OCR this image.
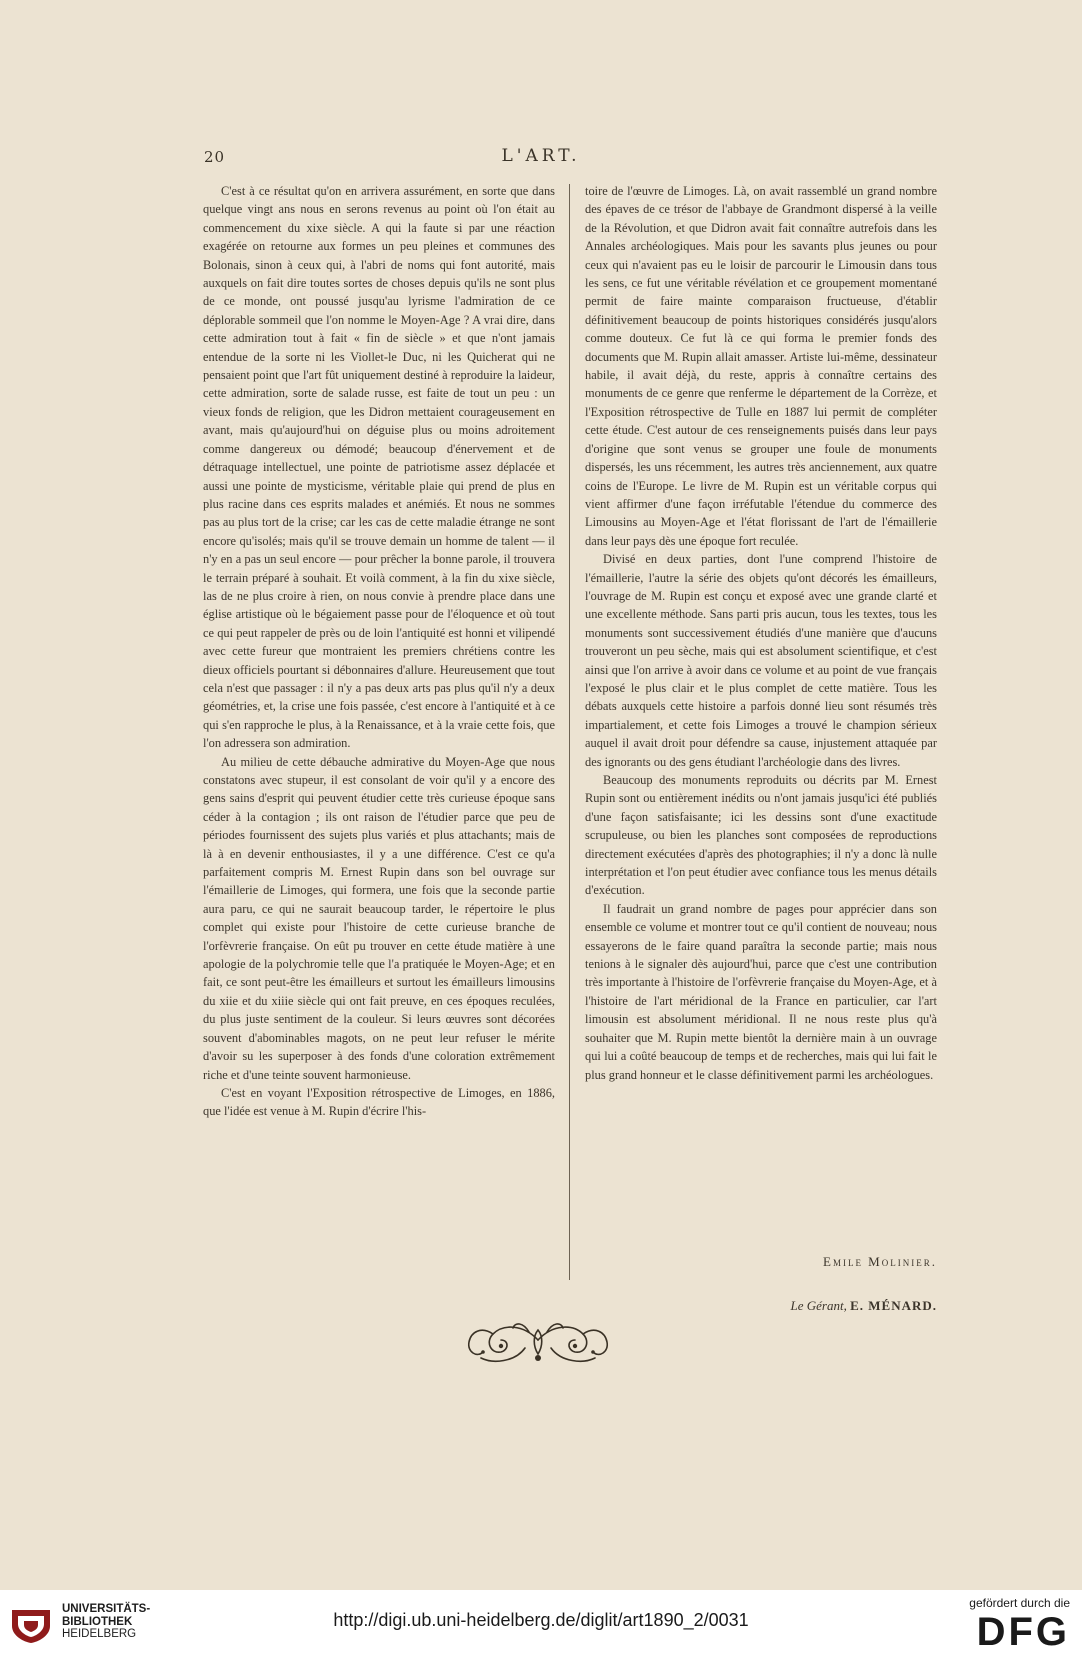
20	L'ART.

C'est à ce résultat qu'on en arrivera assurément, en sorte que dans quelque vingt ans nous en serons revenus au point où l'on était au commencement du xixe siècle. A qui la faute si par une réaction exagérée on retourne aux formes un peu pleines et communes des Bolonais, sinon à ceux qui, à l'abri de noms qui font autorité, mais auxquels on fait dire toutes sortes de choses depuis qu'ils ne sont plus de ce monde, ont poussé jusqu'au lyrisme l'admiration de ce déplorable sommeil que l'on nomme le Moyen-Age ? A vrai dire, dans cette admiration tout à fait « fin de siècle » et que n'ont jamais entendue de la sorte ni les Viollet-le Duc, ni les Quicherat qui ne pensaient point que l'art fût uniquement destiné à reproduire la laideur, cette admiration, sorte de salade russe, est faite de tout un peu : un vieux fonds de religion, que les Didron mettaient courageusement en avant, mais qu'aujourd'hui on déguise plus ou moins adroitement comme dangereux ou démodé; beaucoup d'énervement et de détraquage intellectuel, une pointe de patriotisme assez déplacée et aussi une pointe de mysticisme, véritable plaie qui prend de plus en plus racine dans ces esprits malades et anémiés. Et nous ne sommes pas au plus tort de la crise; car les cas de cette maladie étrange ne sont encore qu'isolés; mais qu'il se trouve demain un homme de talent — il n'y en a pas un seul encore — pour prêcher la bonne parole, il trouvera le terrain préparé à souhait. Et voilà comment, à la fin du xixe siècle, las de ne plus croire à rien, on nous convie à prendre place dans une église artistique où le bégaiement passe pour de l'éloquence et où tout ce qui peut rappeler de près ou de loin l'antiquité est honni et vilipendé avec cette fureur que montraient les premiers chrétiens contre les dieux officiels pourtant si débonnaires d'allure. Heureusement que tout cela n'est que passager : il n'y a pas deux arts pas plus qu'il n'y a deux géométries, et, la crise une fois passée, c'est encore à l'antiquité et à ce qui s'en rapproche le plus, à la Renaissance, et à la vraie cette fois, que l'on adressera son admiration.

Au milieu de cette débauche admirative du Moyen-Age que nous constatons avec stupeur, il est consolant de voir qu'il y a encore des gens sains d'esprit qui peuvent étudier cette très curieuse époque sans céder à la contagion ; ils ont raison de l'étudier parce que peu de périodes fournissent des sujets plus variés et plus attachants; mais de là à en devenir enthousiastes, il y a une différence. C'est ce qu'a parfaitement compris M. Ernest Rupin dans son bel ouvrage sur l'émaillerie de Limoges, qui formera, une fois que la seconde partie aura paru, ce qui ne saurait beaucoup tarder, le répertoire le plus complet qui existe pour l'histoire de cette curieuse branche de l'orfèvrerie française. On eût pu trouver en cette étude matière à une apologie de la polychromie telle que l'a pratiquée le Moyen-Age; et en fait, ce sont peut-être les émailleurs et surtout les émailleurs limousins du xiie et du xiiie siècle qui ont fait preuve, en ces époques reculées, du plus juste sentiment de la couleur. Si leurs œuvres sont décorées souvent d'abominables magots, on ne peut leur refuser le mérite d'avoir su les superposer à des fonds d'une coloration extrêmement riche et d'une teinte souvent harmonieuse.

C'est en voyant l'Exposition rétrospective de Limoges, en 1886, que l'idée est venue à M. Rupin d'écrire l'his-

toire de l'œuvre de Limoges. Là, on avait rassemblé un grand nombre des épaves de ce trésor de l'abbaye de Grandmont dispersé à la veille de la Révolution, et que Didron avait fait connaître autrefois dans les Annales archéologiques. Mais pour les savants plus jeunes ou pour ceux qui n'avaient pas eu le loisir de parcourir le Limousin dans tous les sens, ce fut une véritable révélation et ce groupement momentané permit de faire mainte comparaison fructueuse, d'établir définitivement beaucoup de points historiques considérés jusqu'alors comme douteux. Ce fut là ce qui forma le premier fonds des documents que M. Rupin allait amasser. Artiste lui-même, dessinateur habile, il avait déjà, du reste, appris à connaître certains des monuments de ce genre que renferme le département de la Corrèze, et l'Exposition rétrospective de Tulle en 1887 lui permit de compléter cette étude. C'est autour de ces renseignements puisés dans leur pays d'origine que sont venus se grouper une foule de monuments dispersés, les uns récemment, les autres très anciennement, aux quatre coins de l'Europe. Le livre de M. Rupin est un véritable corpus qui vient affirmer d'une façon irréfutable l'étendue du commerce des Limousins au Moyen-Age et l'état florissant de l'art de l'émaillerie dans leur pays dès une époque fort reculée.

Divisé en deux parties, dont l'une comprend l'histoire de l'émaillerie, l'autre la série des objets qu'ont décorés les émailleurs, l'ouvrage de M. Rupin est conçu et exposé avec une grande clarté et une excellente méthode. Sans parti pris aucun, tous les textes, tous les monuments sont successivement étudiés d'une manière que d'aucuns trouveront un peu sèche, mais qui est absolument scientifique, et c'est ainsi que l'on arrive à avoir dans ce volume et au point de vue français l'exposé le plus clair et le plus complet de cette matière. Tous les débats auxquels cette histoire a parfois donné lieu sont résumés très impartialement, et cette fois Limoges a trouvé le champion sérieux auquel il avait droit pour défendre sa cause, injustement attaquée par des ignorants ou des gens étudiant l'archéologie dans des livres.

Beaucoup des monuments reproduits ou décrits par M. Ernest Rupin sont ou entièrement inédits ou n'ont jamais jusqu'ici été publiés d'une façon satisfaisante; ici les dessins sont d'une exactitude scrupuleuse, ou bien les planches sont composées de reproductions directement exécutées d'après des photographies; il n'y a donc là nulle interprétation et l'on peut étudier avec confiance tous les menus détails d'exécution.

Il faudrait un grand nombre de pages pour apprécier dans son ensemble ce volume et montrer tout ce qu'il contient de nouveau; nous essayerons de le faire quand paraîtra la seconde partie; mais nous tenions à le signaler dès aujourd'hui, parce que c'est une contribution très importante à l'histoire de l'orfèvrerie française du Moyen-Age, et à l'histoire de l'art méridional de la France en particulier, car l'art limousin est absolument méridional. Il ne nous reste plus qu'à souhaiter que M. Rupin mette bientôt la dernière main à un ouvrage qui lui a coûté beaucoup de temps et de recherches, mais qui lui fait le plus grand honneur et le classe définitivement parmi les archéologues.

Emile Molinier.
Le Gérant, E. MÉNARD.
UNIVERSITÄTS-
BIBLIOTHEK
HEIDELBERG
http://digi.ub.uni-heidelberg.de/diglit/art1890_2/0031
gefördert durch die
DFG
